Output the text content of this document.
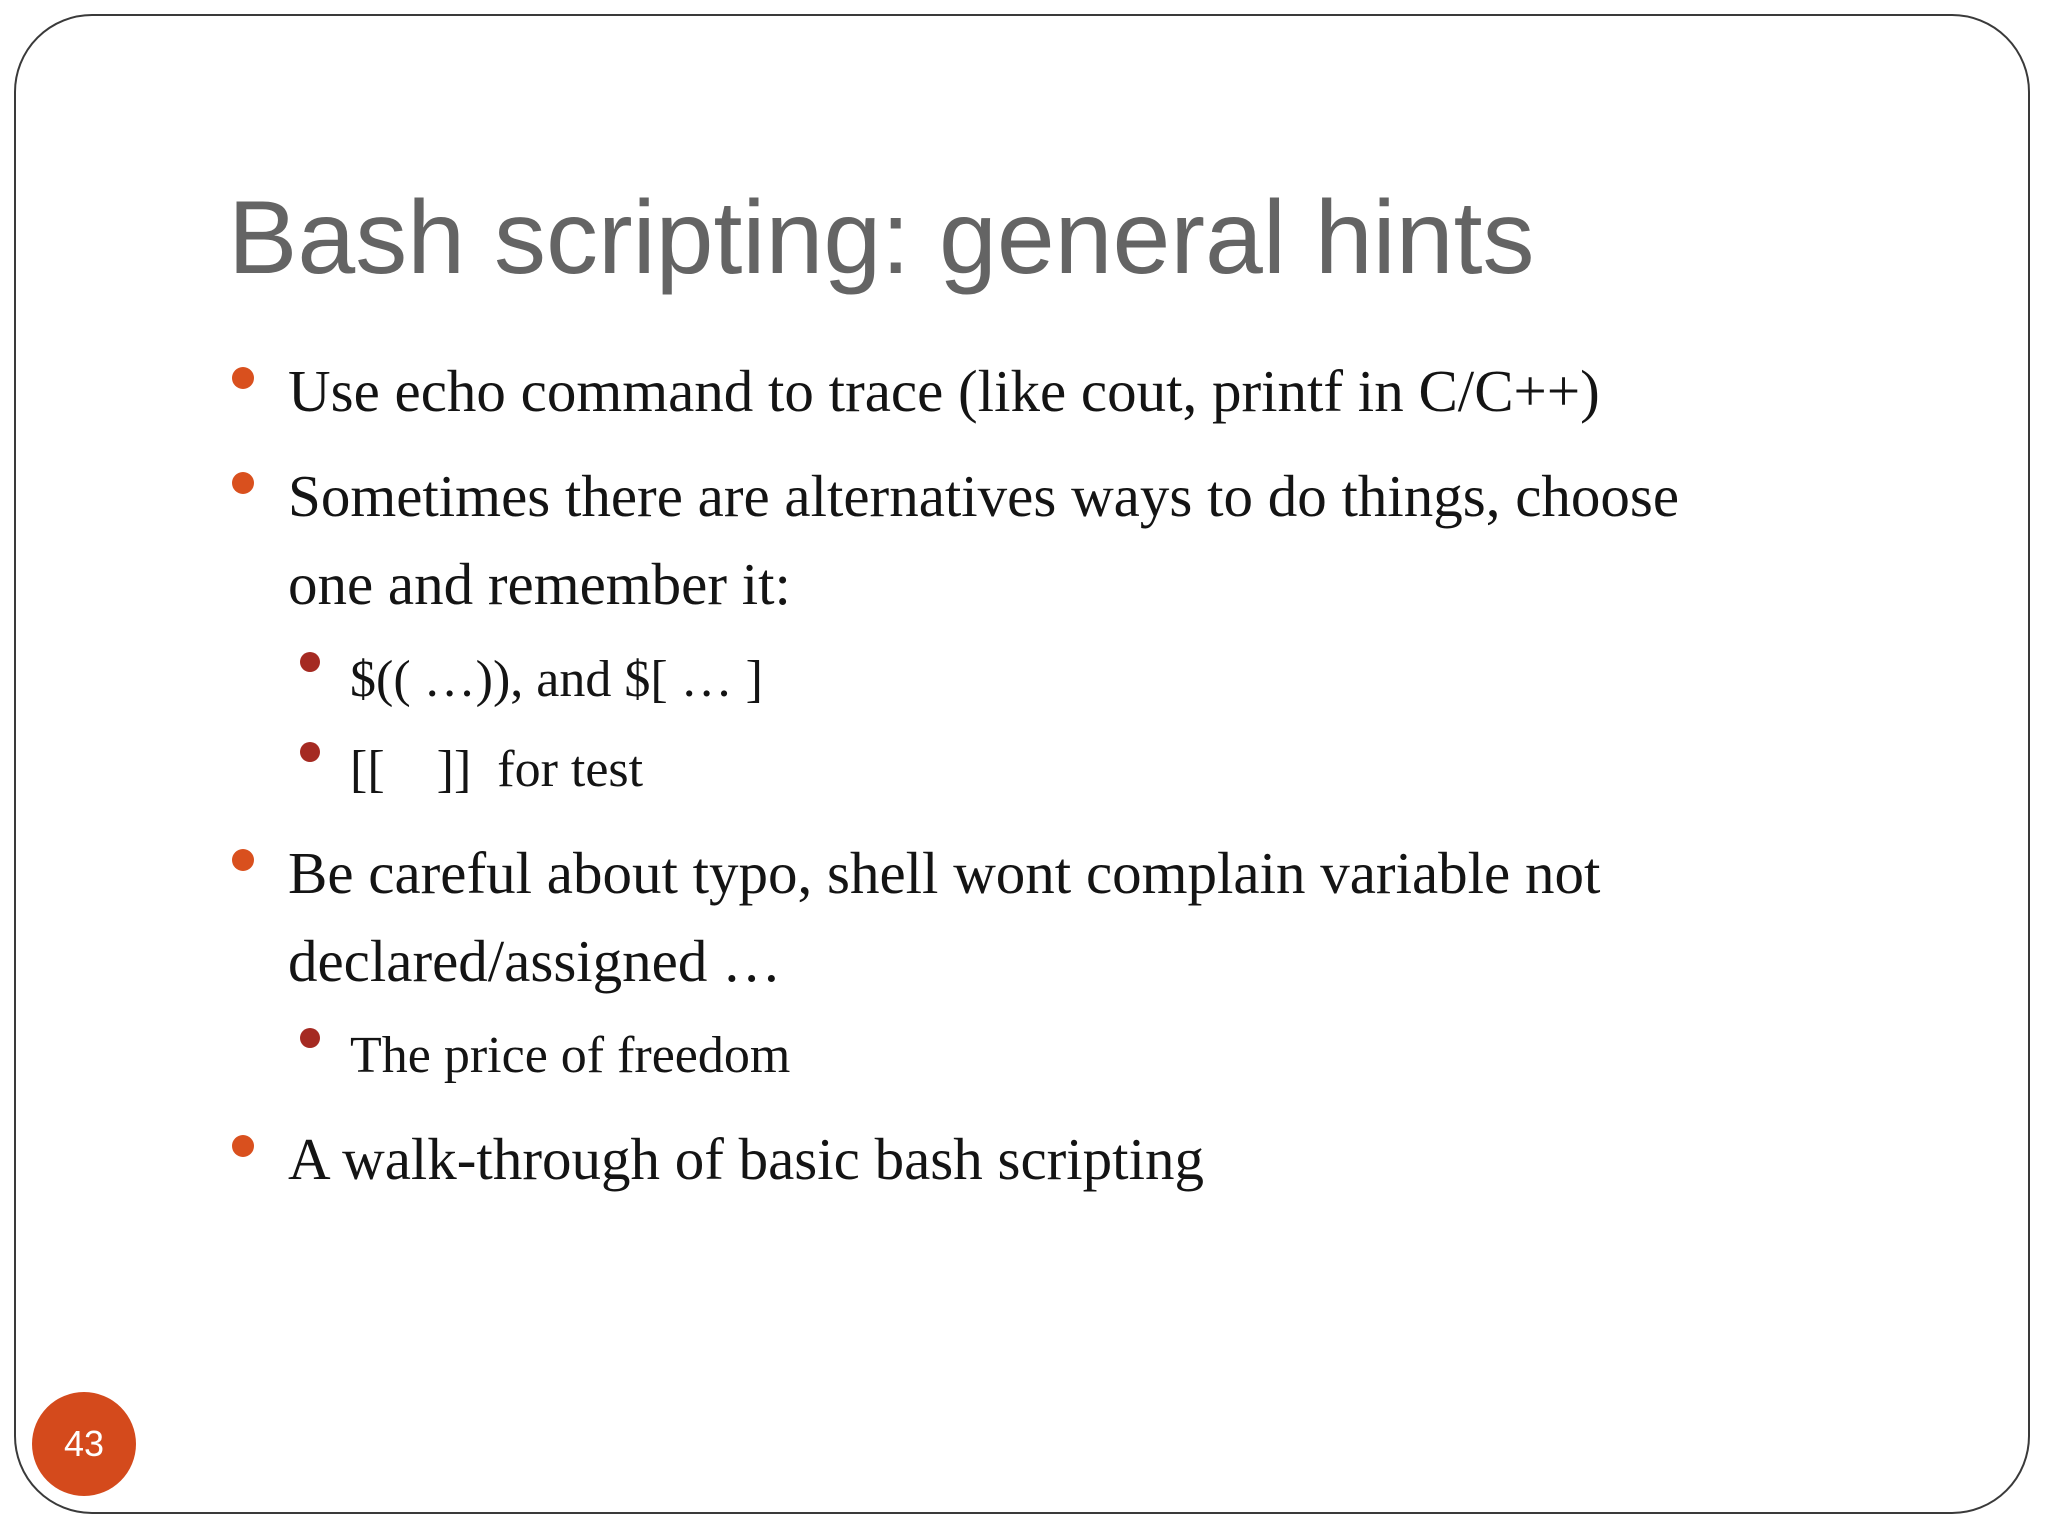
Bash scripting: general hints
Use echo command to trace (like cout, printf in C/C++)
Sometimes there are alternatives ways to do things, choose
one and remember it:
$(( …)), and $[ … ]
[[    ]]  for test
Be careful about typo, shell wont complain variable not
declared/assigned …
The price of freedom
A walk-through of basic bash scripting
43
